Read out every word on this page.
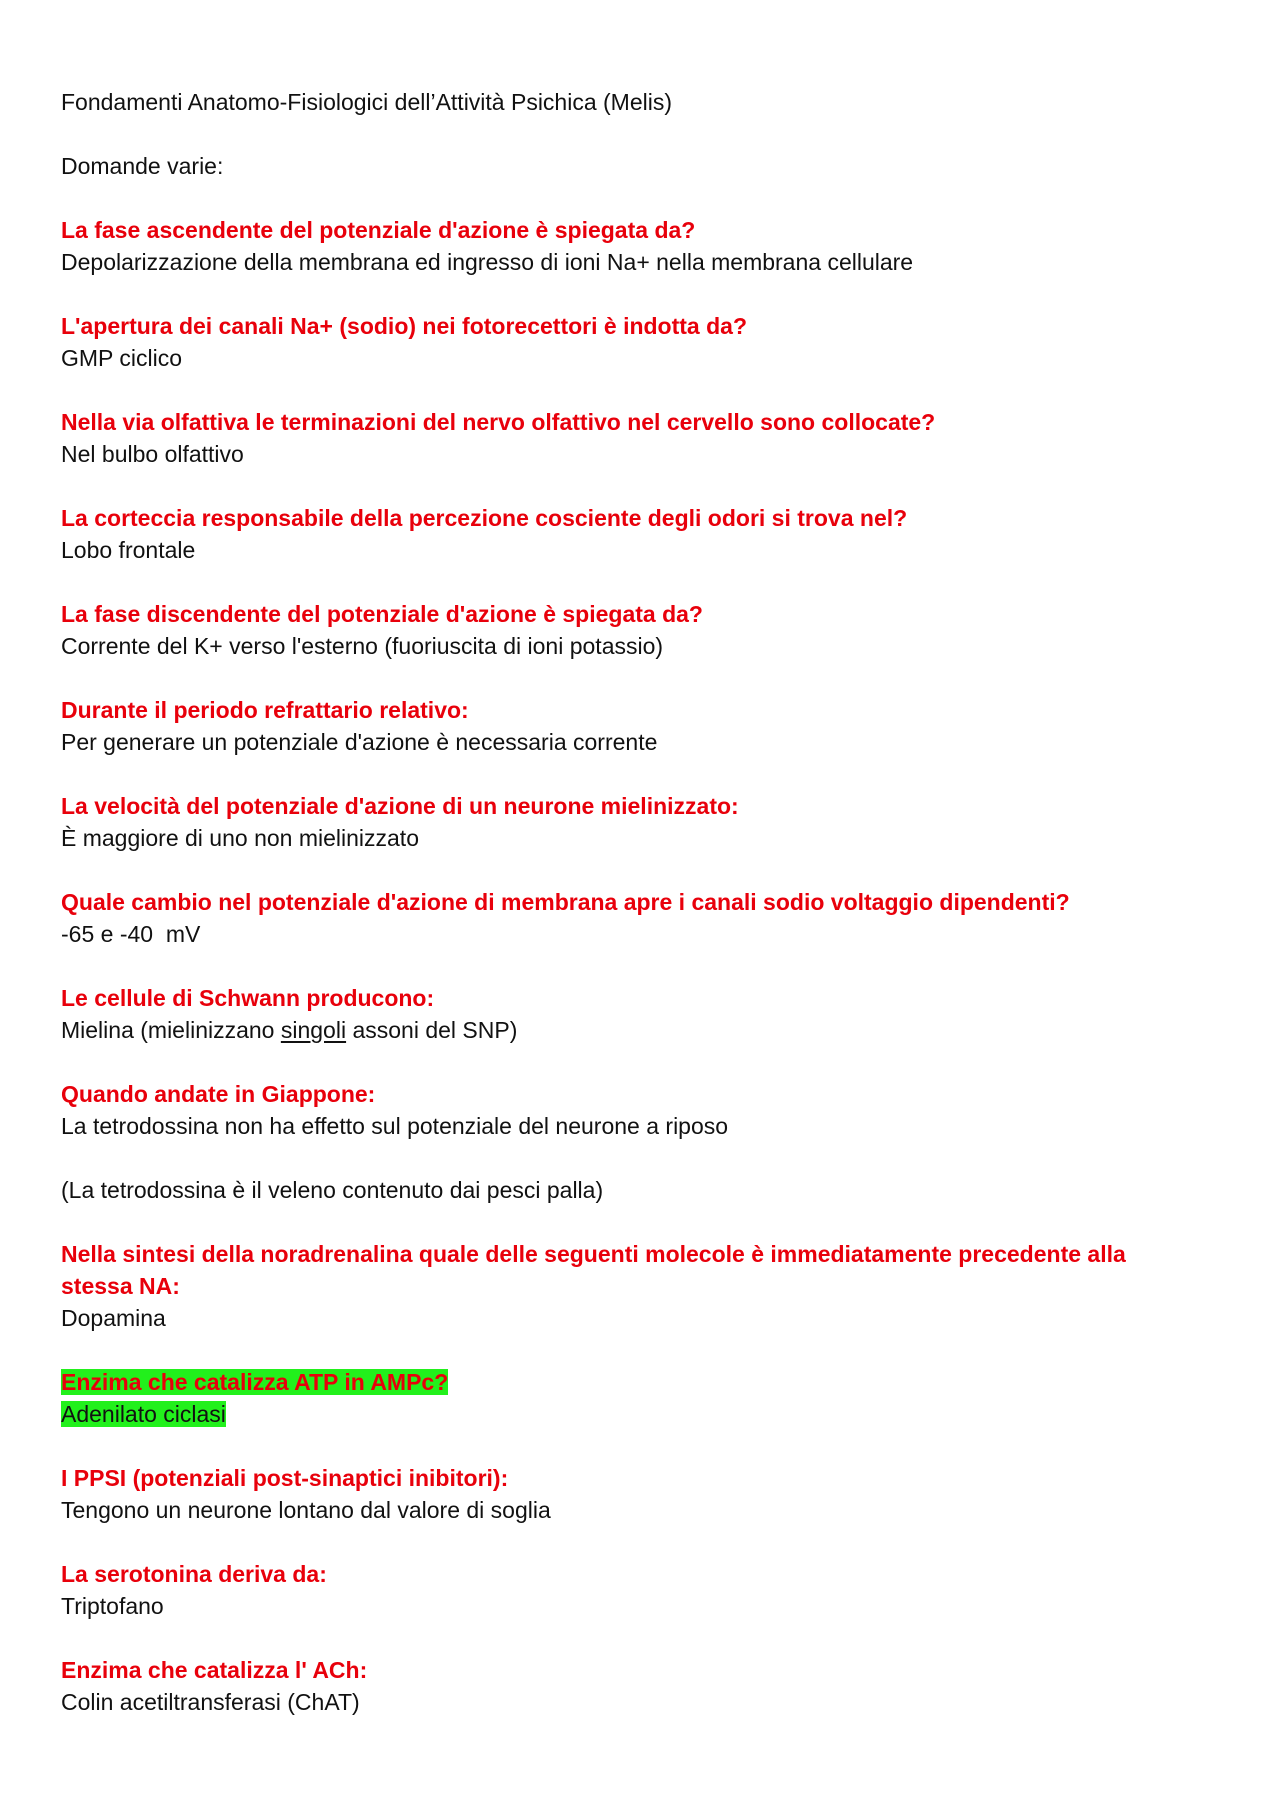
Fondamenti Anatomo-Fisiologici dell’Attività Psichica (Melis)

Domande varie:

La fase ascendente del potenziale d'azione è spiegata da?

Depolarizzazione della membrana ed ingresso di ioni Na+ nella membrana cellulare

L'apertura dei canali Na+ (sodio) nei fotorecettori è indotta da?

GMP ciclico

Nella via olfattiva le terminazioni del nervo olfattivo nel cervello sono collocate?

Nel bulbo olfattivo

La corteccia responsabile della percezione cosciente degli odori si trova nel?

Lobo frontale

La fase discendente del potenziale d'azione è spiegata da?

Corrente del K+ verso l'esterno (fuoriuscita di ioni potassio)

Durante il periodo refrattario relativo:

Per generare un potenziale d'azione è necessaria corrente

La velocità del potenziale d'azione di un neurone mielinizzato:

È maggiore di uno non mielinizzato

Quale cambio nel potenziale d'azione di membrana apre i canali sodio voltaggio dipendenti?

-65 e -40  mV

Le cellule di Schwann producono:

Mielina (mielinizzano singoli assoni del SNP)

Quando andate in Giappone:

La tetrodossina non ha effetto sul potenziale del neurone a riposo

(La tetrodossina è il veleno contenuto dai pesci palla)

Nella sintesi della noradrenalina quale delle seguenti molecole è immediatamente precedente alla

stessa NA:

Dopamina

Enzima che catalizza ATP in AMPc?

Adenilato ciclasi

I PPSI (potenziali post-sinaptici inibitori):

Tengono un neurone lontano dal valore di soglia

La serotonina deriva da:

Triptofano

Enzima che catalizza l' ACh:

Colin acetiltransferasi (ChAT)
